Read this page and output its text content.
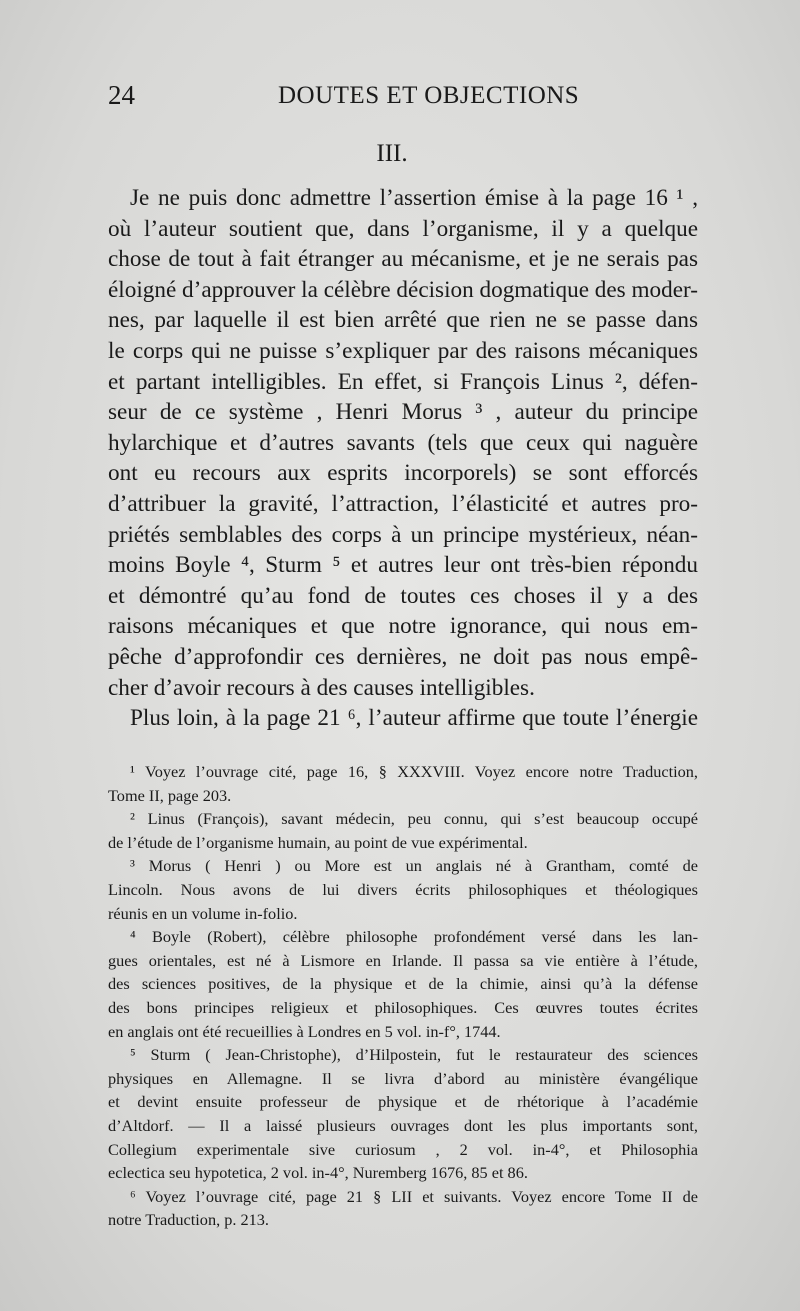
24	DOUTES ET OBJECTIONS
III.
Je ne puis donc admettre l’assertion émise à la page 16 ¹ ,
où l’auteur soutient que, dans l’organisme, il y a quelque
chose de tout à fait étranger au mécanisme, et je ne serais pas
éloigné d’approuver la célèbre décision dogmatique des moder-
nes, par laquelle il est bien arrêté que rien ne se passe dans
le corps qui ne puisse s’expliquer par des raisons mécaniques
et partant intelligibles. En effet, si François Linus ², défen-
seur de ce système , Henri Morus ³ , auteur du principe
hylarchique et d’autres savants (tels que ceux qui naguère
ont eu recours aux esprits incorporels) se sont efforcés
d’attribuer la gravité, l’attraction, l’élasticité et autres pro-
priétés semblables des corps à un principe mystérieux, néan-
moins Boyle ⁴, Sturm ⁵ et autres leur ont très-bien répondu
et démontré qu’au fond de toutes ces choses il y a des
raisons mécaniques et que notre ignorance, qui nous em-
pêche d’approfondir ces dernières, ne doit pas nous empê-
cher d’avoir recours à des causes intelligibles.
Plus loin, à la page 21 ⁶, l’auteur affirme que toute l’énergie
¹ Voyez l’ouvrage cité, page 16, § XXXVIII. Voyez encore notre Traduction,
Tome II, page 203.
² Linus (François), savant médecin, peu connu, qui s’est beaucoup occupé
de l’étude de l’organisme humain, au point de vue expérimental.
³ Morus ( Henri ) ou More est un anglais né à Grantham, comté de
Lincoln. Nous avons de lui divers écrits philosophiques et théologiques
réunis en un volume in-folio.
⁴ Boyle (Robert), célèbre philosophe profondément versé dans les lan-
gues orientales, est né à Lismore en Irlande. Il passa sa vie entière à l’étude,
des sciences positives, de la physique et de la chimie, ainsi qu’à la défense
des bons principes religieux et philosophiques. Ces œuvres toutes écrites
en anglais ont été recueillies à Londres en 5 vol. in-f°, 1744.
⁵ Sturm ( Jean-Christophe), d’Hilpostein, fut le restaurateur des sciences
physiques en Allemagne. Il se livra d’abord au ministère évangélique
et devint ensuite professeur de physique et de rhétorique à l’académie
d’Altdorf. — Il a laissé plusieurs ouvrages dont les plus importants sont,
Collegium experimentale sive curiosum , 2 vol. in-4°, et Philosophia
eclectica seu hypotetica, 2 vol. in-4°, Nuremberg 1676, 85 et 86.
⁶ Voyez l’ouvrage cité, page 21 § LII et suivants. Voyez encore Tome II de
notre Traduction, p. 213.
